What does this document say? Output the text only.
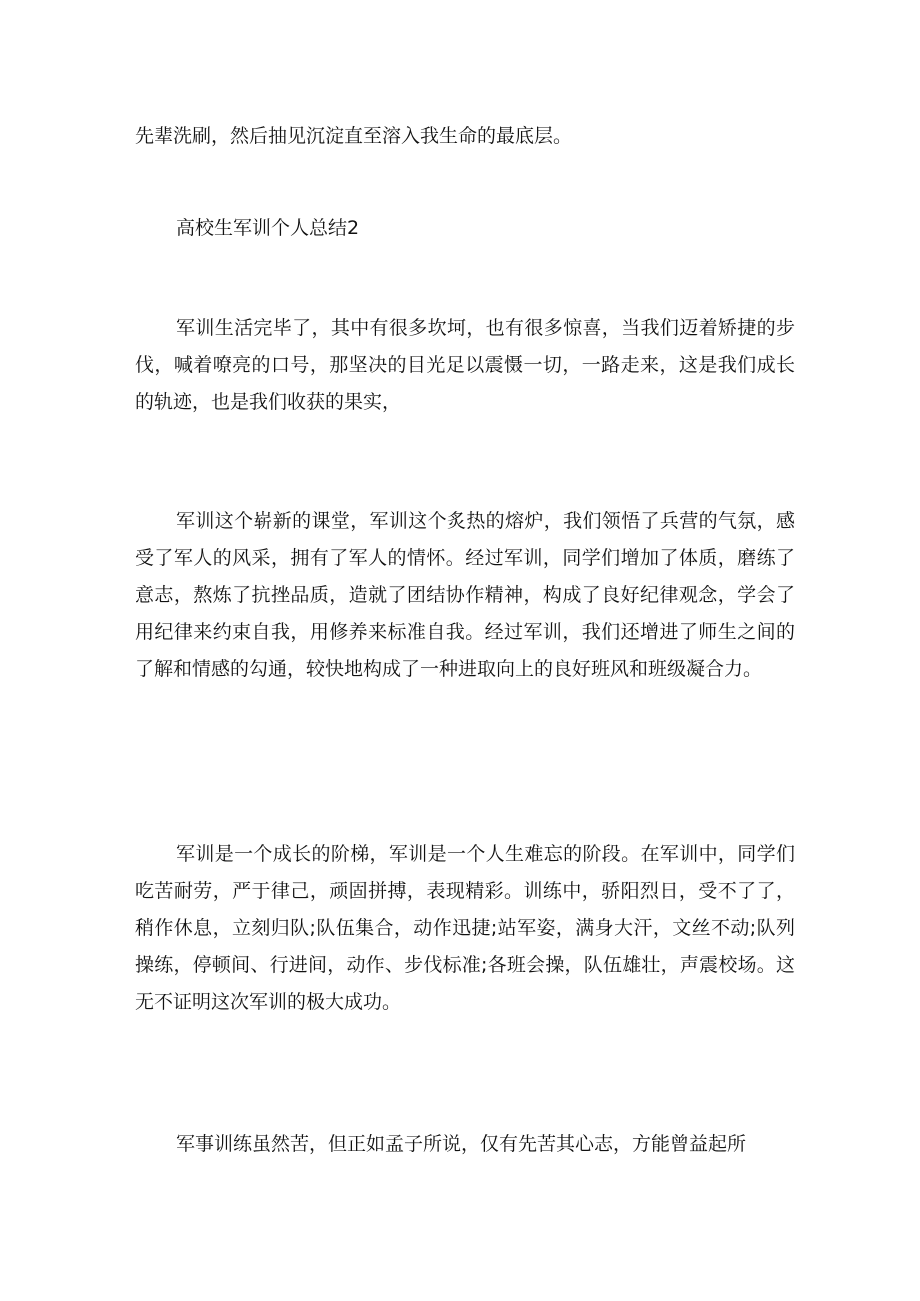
先辈洗刷，然后抽见沉淀直至溶入我生命的最底层。

高校生军训个人总结2

军训生活完毕了，其中有很多坎坷，也有很多惊喜，当我们迈着矫捷的步伐，喊着嘹亮的口号，那坚决的目光足以震慑一切，一路走来，这是我们成长的轨迹，也是我们收获的果实，

军训这个崭新的课堂，军训这个炙热的熔炉，我们领悟了兵营的气氛，感受了军人的风采，拥有了军人的情怀。经过军训，同学们增加了体质，磨练了意志，熬炼了抗挫品质，造就了团结协作精神，构成了良好纪律观念，学会了用纪律来约束自我，用修养来标准自我。经过军训，我们还增进了师生之间的了解和情感的勾通，较快地构成了一种进取向上的良好班风和班级凝合力。

军训是一个成长的阶梯，军训是一个人生难忘的阶段。在军训中，同学们吃苦耐劳，严于律己，顽固拼搏，表现精彩。训练中，骄阳烈日，受不了了，稍作休息，立刻归队;队伍集合，动作迅捷;站军姿，满身大汗，文丝不动;队列操练，停顿间、行进间，动作、步伐标准;各班会操，队伍雄壮，声震校场。这无不证明这次军训的极大成功。

军事训练虽然苦，但正如孟子所说，仅有先苦其心志，方能曾益起所
